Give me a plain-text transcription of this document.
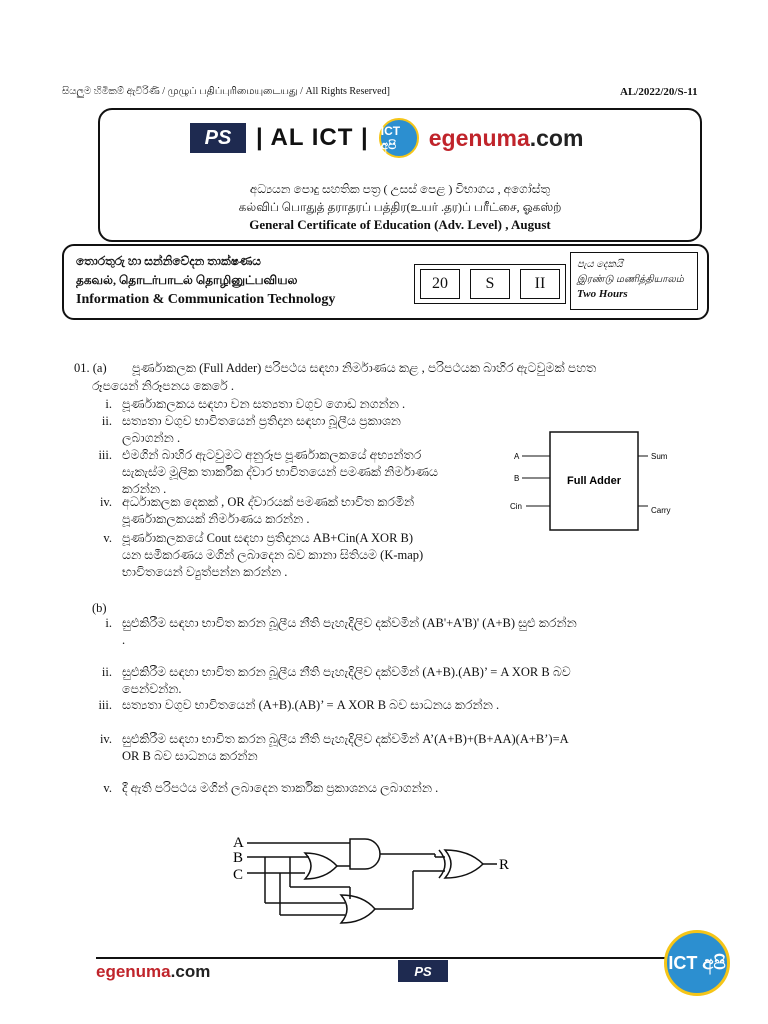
සියලුම හිමිකම් ඇවිරිණි / முழுப் பதிப்புரிமையுடையது / All Rights Reserved]	AL/2022/20/S-11
PS	| AL ICT | ICT අපි	egenuma.com
අධ්‍යයන පොදු සහතික පත්‍ර ( උසස් පෙළ ) විභාගය , අගෝස්තු
கல்விப் பொதுத் தராதரப் பத்திர(உயர் .தர)ப் பரீட்சை, ஓகஸ்ற்
General Certificate of Education (Adv. Level) , August
තොරතුරු හා සන්නිවේදන තාක්ෂණය
தகவல், தொடர்பாடல் தொழினுட்பவியல
Information & Communication Technology
20	S	II
පැය දෙකයි
இரண்டு மணித்தியாலம்
Two Hours
01. (a) පූර්ණාකලක (Full Adder) පරිපථය සඳහා නිර්මාණය කළ , පරිපථයක බාහිර ඇටවුමක් පහත
රූපයෙන් නිරූපනය කෙරේ .
i. පූර්ණාකලකය සඳහා වන සත්‍යතා වගුව ගොඩ නගන්න .
ii. සත්‍යතා වගුව භාවිතයෙන් ප්‍රතිදාන සඳහා බූලීය ප්‍රකාශන
ලබාගන්න .
iii. එමගින් බාහිර ඇටවුමට අනුරූප පූර්ණාකලකයේ අභ්‍යන්තර
සැකැස්ම මූලික තාර්කික ද්වාර භාවිතයෙන් පමණක් නිර්මාණය
කරන්න .
iv. අර්ධාකලක දෙකක් , OR ද්වාරයක් පමණක් භාවිත කරමින්
පූර්ණාකලකයක් නිර්මාණය කරන්න .
v. පූර්ණාකලකයේ Cout සඳහා ප්‍රතිදානය AB+Cin(A XOR B)
යන සමීකරණය මගින් ලබාදෙන බව කානා සිතියම (K-map)
භාවිතයෙන් ව්‍යුත්පන්න කරන්න .
Full Adder
A
B
Cin
Sum
Carry
(b)
i. සුළුකිරීම සඳහා භාවිත කරන බූලීය නීති පැහැදිලිව දක්වමින් (AB'+A'B)' (A+B) සුළු කරන්න
.
ii. සුළුකිරීම සඳහා භාවිත කරන බූලීය නීති පැහැදිලිව දක්වමින් (A+B).(AB)’ = A XOR B බව
පෙන්වන්න.
iii. සත්‍යතා වගුව භාවිතයෙන් (A+B).(AB)’ = A XOR B බව සාධනය කරන්න .
iv. සුළුකිරීම සඳහා භාවිත කරන බූලීය නීති පැහැදිලිව දක්වමින් A’(A+B)+(B+AA)(A+B’)=A
OR B බව සාධනය කරන්න
v. දී ඇති පරිපථය මගින් ලබාදෙන තාර්කික ප්‍රකාශනය ලබාගන්න .
A
B
C
R
egenuma.com	PS	ICT අපි
